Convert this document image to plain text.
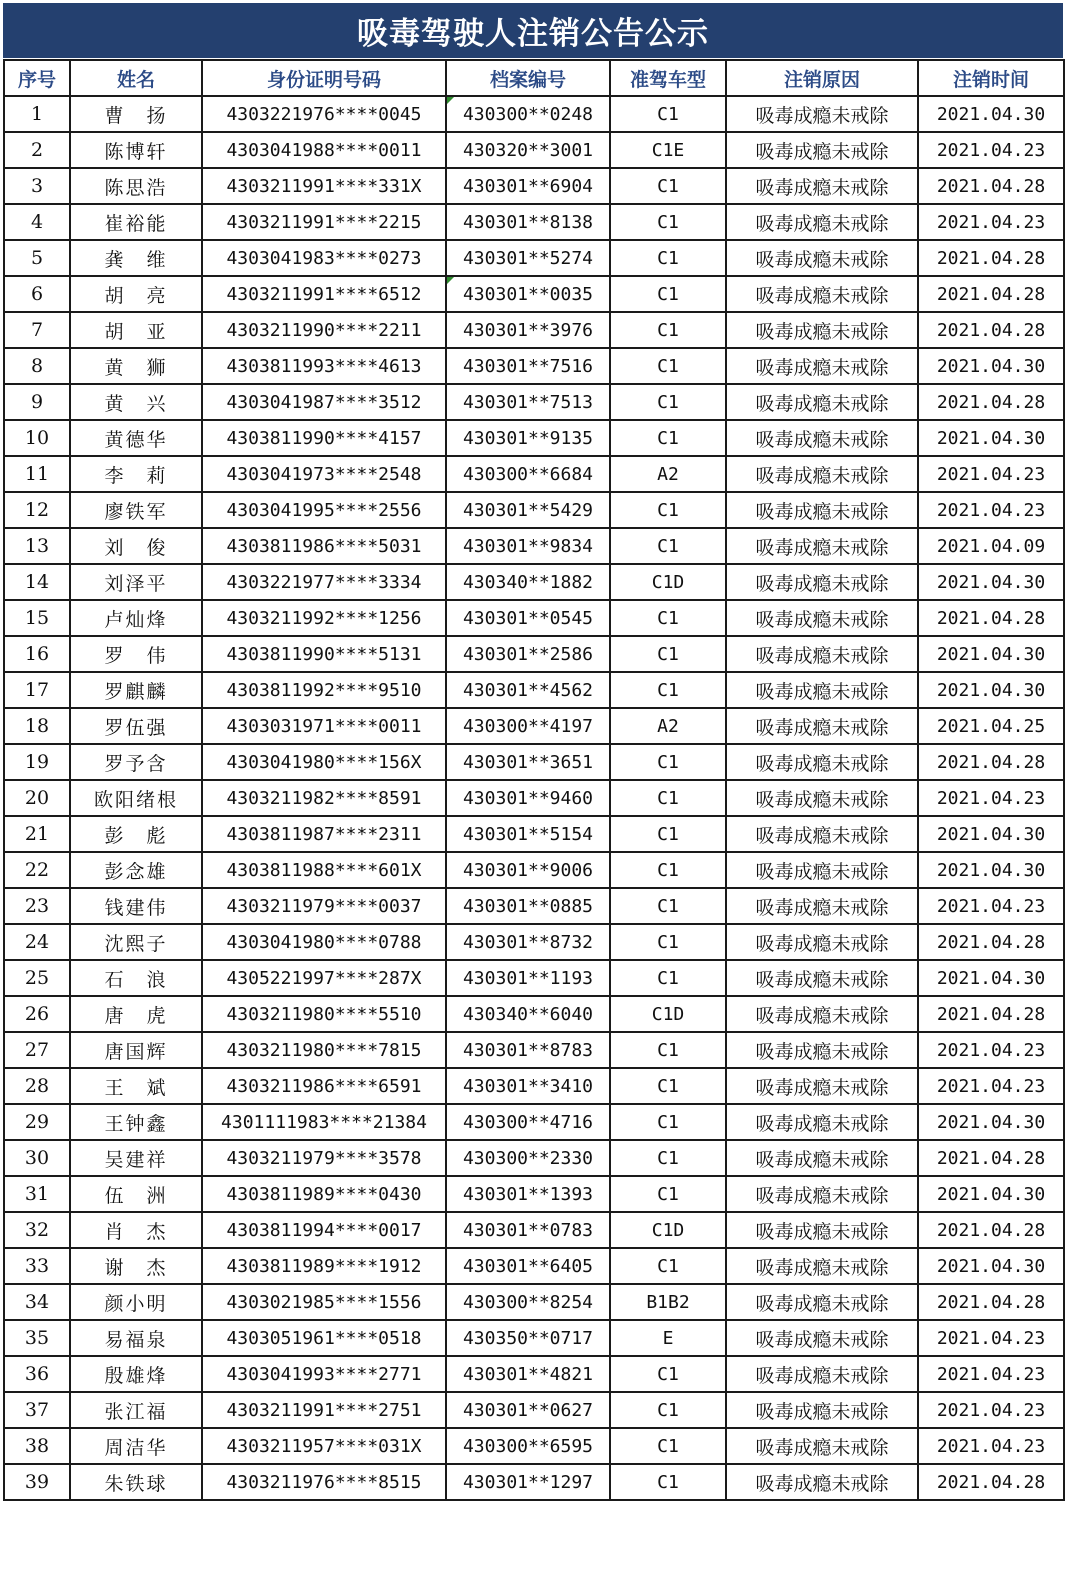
吸毒驾驶人注销公告公示
序号	姓名	身份证明号码	档案编号	准驾车型	注销原因	注销时间
1	曹　扬	4303221976****0045	430300**0248	C1	吸毒成瘾未戒除	2021.04.30
2	陈博轩	4303041988****0011	430320**3001	C1E	吸毒成瘾未戒除	2021.04.23
3	陈思浩	4303211991****331X	430301**6904	C1	吸毒成瘾未戒除	2021.04.28
4	崔裕能	4303211991****2215	430301**8138	C1	吸毒成瘾未戒除	2021.04.23
5	龚　维	4303041983****0273	430301**5274	C1	吸毒成瘾未戒除	2021.04.28
6	胡　亮	4303211991****6512	430301**0035	C1	吸毒成瘾未戒除	2021.04.28
7	胡　亚	4303211990****2211	430301**3976	C1	吸毒成瘾未戒除	2021.04.28
8	黄　狮	4303811993****4613	430301**7516	C1	吸毒成瘾未戒除	2021.04.30
9	黄　兴	4303041987****3512	430301**7513	C1	吸毒成瘾未戒除	2021.04.28
10	黄德华	4303811990****4157	430301**9135	C1	吸毒成瘾未戒除	2021.04.30
11	李　莉	4303041973****2548	430300**6684	A2	吸毒成瘾未戒除	2021.04.23
12	廖铁军	4303041995****2556	430301**5429	C1	吸毒成瘾未戒除	2021.04.23
13	刘　俊	4303811986****5031	430301**9834	C1	吸毒成瘾未戒除	2021.04.09
14	刘泽平	4303221977****3334	430340**1882	C1D	吸毒成瘾未戒除	2021.04.30
15	卢灿烽	4303211992****1256	430301**0545	C1	吸毒成瘾未戒除	2021.04.28
16	罗　伟	4303811990****5131	430301**2586	C1	吸毒成瘾未戒除	2021.04.30
17	罗麒麟	4303811992****9510	430301**4562	C1	吸毒成瘾未戒除	2021.04.30
18	罗伍强	4303031971****0011	430300**4197	A2	吸毒成瘾未戒除	2021.04.25
19	罗予含	4303041980****156X	430301**3651	C1	吸毒成瘾未戒除	2021.04.28
20	欧阳绪根	4303211982****8591	430301**9460	C1	吸毒成瘾未戒除	2021.04.23
21	彭　彪	4303811987****2311	430301**5154	C1	吸毒成瘾未戒除	2021.04.30
22	彭念雄	4303811988****601X	430301**9006	C1	吸毒成瘾未戒除	2021.04.30
23	钱建伟	4303211979****0037	430301**0885	C1	吸毒成瘾未戒除	2021.04.23
24	沈熙子	4303041980****0788	430301**8732	C1	吸毒成瘾未戒除	2021.04.28
25	石　浪	4305221997****287X	430301**1193	C1	吸毒成瘾未戒除	2021.04.30
26	唐　虎	4303211980****5510	430340**6040	C1D	吸毒成瘾未戒除	2021.04.28
27	唐国辉	4303211980****7815	430301**8783	C1	吸毒成瘾未戒除	2021.04.23
28	王　斌	4303211986****6591	430301**3410	C1	吸毒成瘾未戒除	2021.04.23
29	王钟鑫	4301111983****21384	430300**4716	C1	吸毒成瘾未戒除	2021.04.30
30	吴建祥	4303211979****3578	430300**2330	C1	吸毒成瘾未戒除	2021.04.28
31	伍　洲	4303811989****0430	430301**1393	C1	吸毒成瘾未戒除	2021.04.30
32	肖　杰	4303811994****0017	430301**0783	C1D	吸毒成瘾未戒除	2021.04.28
33	谢　杰	4303811989****1912	430301**6405	C1	吸毒成瘾未戒除	2021.04.30
34	颜小明	4303021985****1556	430300**8254	B1B2	吸毒成瘾未戒除	2021.04.28
35	易福泉	4303051961****0518	430350**0717	E	吸毒成瘾未戒除	2021.04.23
36	殷雄烽	4303041993****2771	430301**4821	C1	吸毒成瘾未戒除	2021.04.23
37	张江福	4303211991****2751	430301**0627	C1	吸毒成瘾未戒除	2021.04.23
38	周洁华	4303211957****031X	430300**6595	C1	吸毒成瘾未戒除	2021.04.23
39	朱铁球	4303211976****8515	430301**1297	C1	吸毒成瘾未戒除	2021.04.28
